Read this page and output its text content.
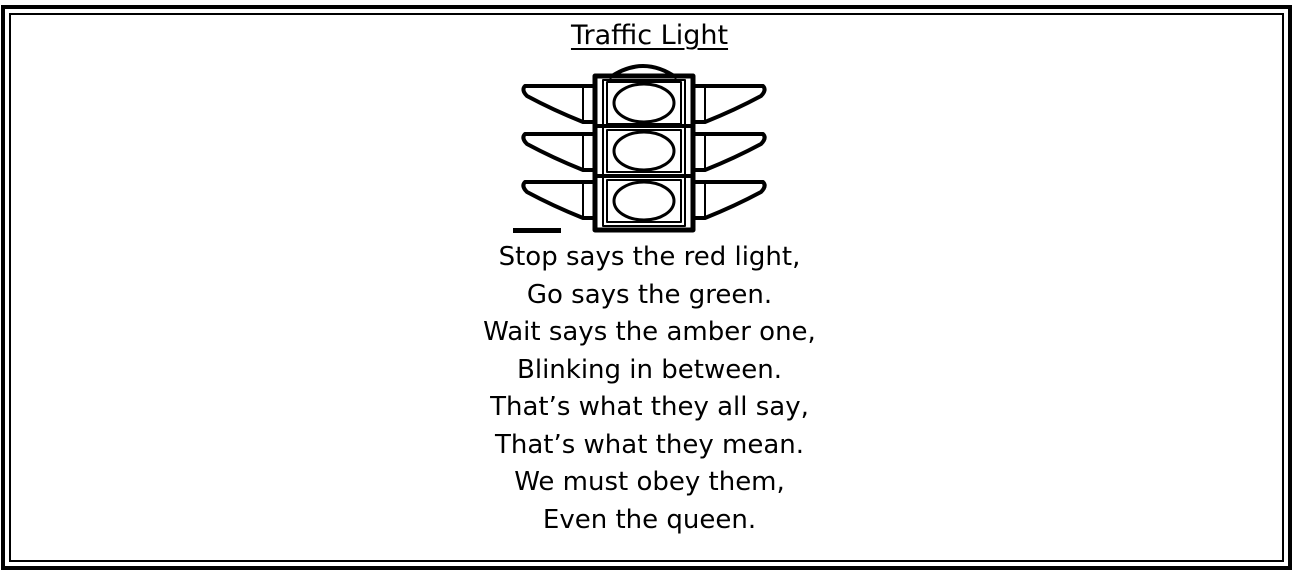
Traffic Light
Stop says the red light,
Go says the green.
Wait says the amber one,
Blinking in between.
That’s what they all say,
That’s what they mean.
We must obey them,
Even the queen.
